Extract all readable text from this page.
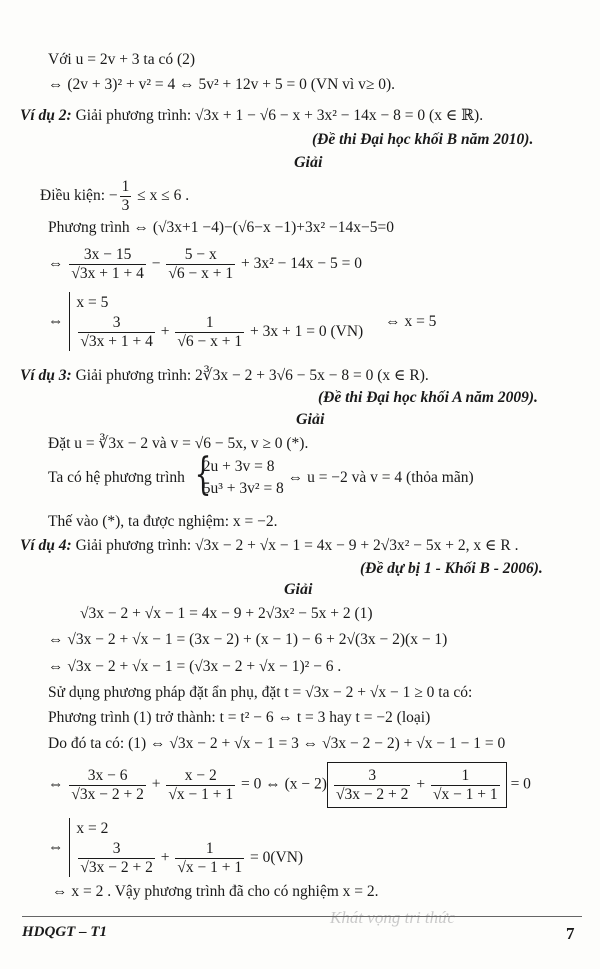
Với u = 2v + 3 ta có (2)
⇔ (2v + 3)² + v² = 4 ⇔ 5v² + 12v + 5 = 0 (VN vì v≥ 0).
Ví dụ 2: Giải phương trình: √3x + 1 − √6 − x + 3x² − 14x − 8 = 0 (x ∈ ℝ).
(Đề thi Đại học khối B năm 2010).
Giải
Điều kiện: − $\frac{1}{3} \le x \le 6$ .
Phương trình ⇔ (√3x+1 −4)−(√6−x −1)+3x² −14x−5=0
⇔ $\frac{3x - 15}{√3x + 1 + 4} - \frac{5 - x}{√6 - x + 1} + 3x^2 - 14x - 5 = 0$
⇔
x = 5
$\frac{3}{√3x + 1 + 4} + \frac{1}{√6 - x + 1} + 3x + 1 = 0$ (VN)
⇔ x = 5
Ví dụ 3: Giải phương trình: 2∛3x − 2 + 3√6 − 5x − 8 = 0 (x ∈ R).
(Đề thi Đại học khối A năm 2009).
Giải
Đặt u = ∛3x − 2 và v = √6 − 5x, v ≥ 0 (*).
Ta có hệ phương trình
{ 2u + 3v = 8
5u³ + 3v² = 8
⇔ u = −2 và v = 4 (thỏa mãn)
Thế vào (*), ta được nghiệm: x = −2.
Ví dụ 4: Giải phương trình: √3x − 2 + √x − 1 = 4x − 9 + 2√3x² − 5x + 2, x ∈ R .
(Đề dự bị 1 - Khối B - 2006).
Giải
√3x − 2 + √x − 1 = 4x − 9 + 2√3x² − 5x + 2 (1)
⇔ √3x − 2 + √x − 1 = (3x − 2) + (x − 1) − 6 + 2√(3x − 2)(x − 1)
⇔ √3x − 2 + √x − 1 = (√3x − 2 + √x − 1)² − 6 .
Sử dụng phương pháp đặt ẩn phụ, đặt t = √3x − 2 + √x − 1 ≥ 0 ta có:
Phương trình (1) trở thành: t = t² − 6 ⇔ t = 3 hay t = −2 (loại)
Do đó ta có: (1) ⇔ √3x − 2 + √x − 1 = 3 ⇔ √3x − 2 − 2) + √x − 1 − 1 = 0
⇔ $\frac{3x - 6}{√3x - 2 + 2} + \frac{x - 2}{√x - 1 + 1} = 0$ ⇔ $(x - 2) \frac{3}{√3x - 2 + 2} + \frac{1}{√x - 1 + 1} = 0$
⇔
x = 2
$\frac{3}{√3x - 2 + 2} + \frac{1}{√x - 1 + 1} = 0(VN)$
⇔ x = 2 . Vậy phương trình đã cho có nghiệm x = 2.
Khát vọng tri thức
HDQGT – T1	7
